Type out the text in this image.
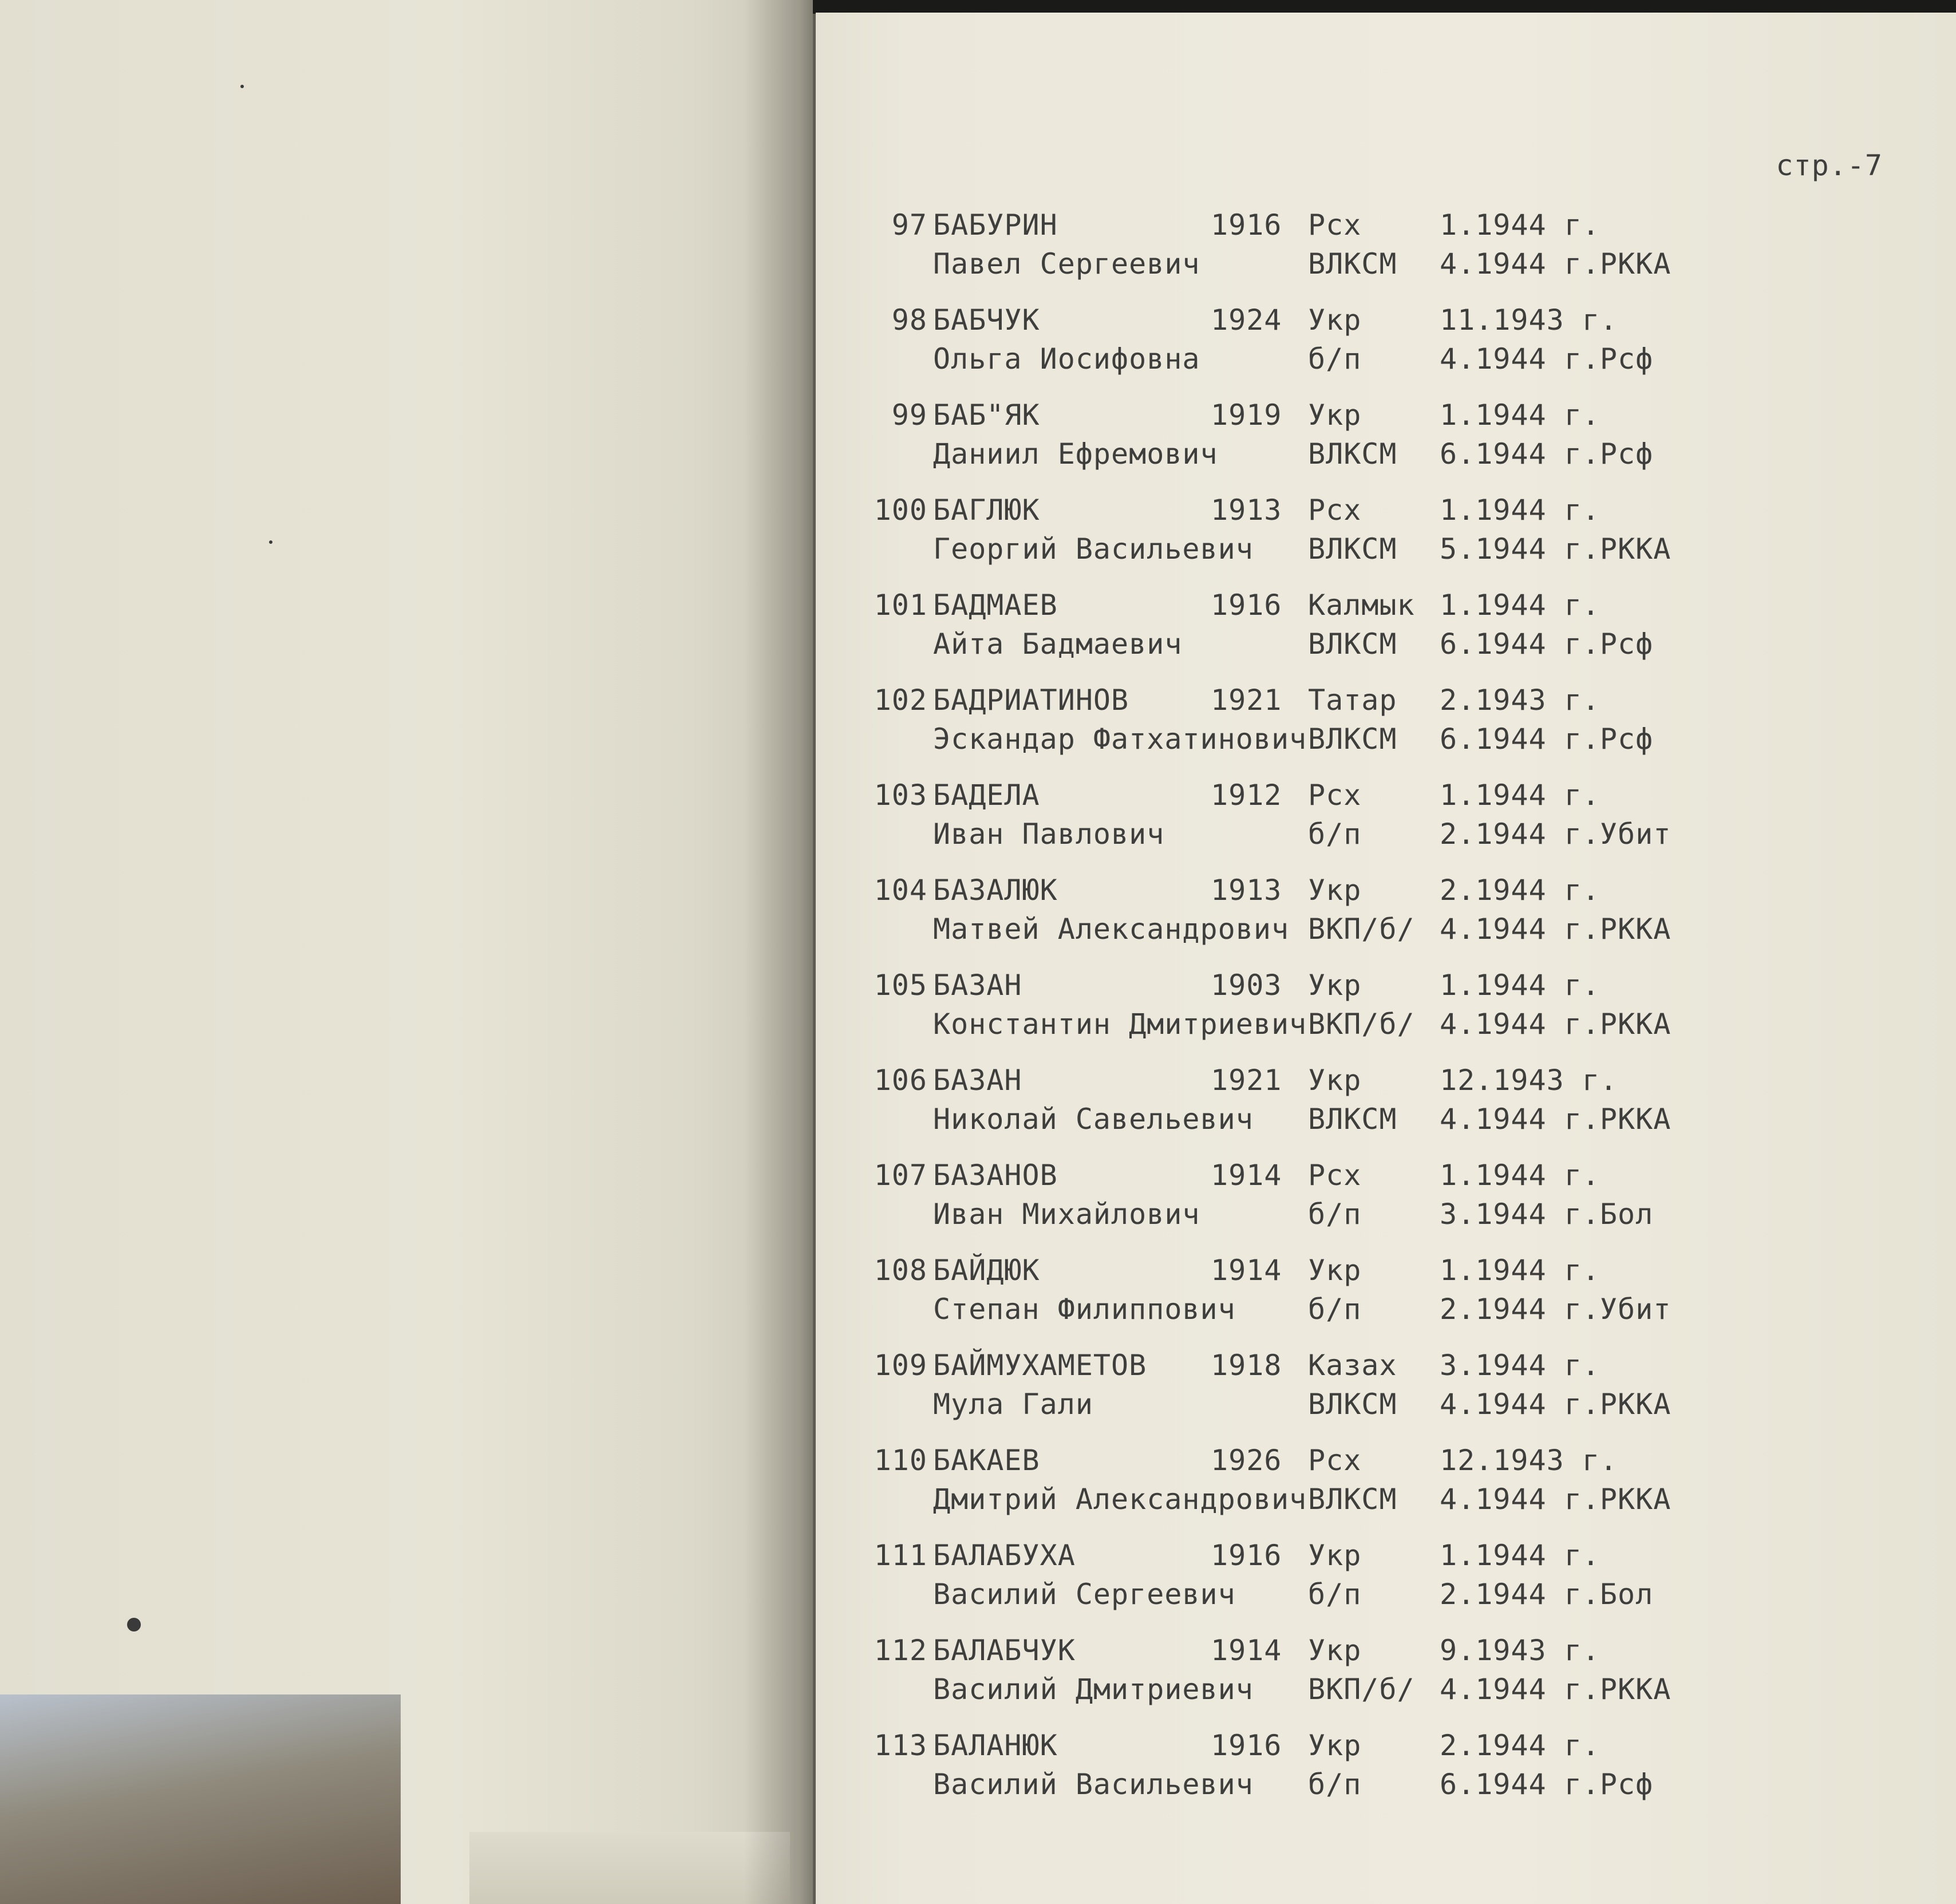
стр.-7
97 БАБУРИН	1916 Рсх	1.1944 г.
Павел Сергеевич	ВЛКСМ 4.1944 г.РККА
98 БАБЧУК	1924 Укр	11.1943 г.
Ольга Иосифовна	б/п	4.1944 г.Рсф
99 БАБ"ЯК	1919 Укр	1.1944 г.
Даниил Ефремович	ВЛКСМ 6.1944 г.Рсф
100 БАГЛЮК	1913 Рсх	1.1944 г.
Георгий Васильевич ВЛКСМ 5.1944 г.РККА
101 БАДМАЕВ	1916 Калмык 1.1944 г.
Айта Бадмаевич	ВЛКСМ 6.1944 г.Рсф
102 БАДРИАТИНОВ	1921 Татар 2.1943 г.
Эскандар Фатхатинович ВЛКСМ 6.1944 г.Рсф
103 БАДЕЛА	1912 Рсх	1.1944 г.
Иван Павлович	б/п	2.1944 г.Убит
104 БАЗАЛЮК	1913 Укр	2.1944 г.
Матвей Александрович ВКП/б/ 4.1944 г.РККА
105 БАЗАН	1903 Укр	1.1944 г.
Константин Дмитриевич ВКП/б/ 4.1944 г.РККА
106 БАЗАН	1921 Укр	12.1943 г.
Николай Савельевич ВЛКСМ 4.1944 г.РККА
107 БАЗАНОВ	1914 Рсх	1.1944 г.
Иван Михайлович	б/п	3.1944 г.Бол
108 БАЙДЮК	1914 Укр	1.1944 г.
Степан Филиппович	б/п	2.1944 г.Убит
109 БАЙМУХАМЕТОВ 1918 Казах 3.1944 г.
Мула Гали	ВЛКСМ 4.1944 г.РККА
110 БАКАЕВ	1926 Рсх	12.1943 г.
Дмитрий Александрович ВЛКСМ 4.1944 г.РККА
111 БАЛАБУХА	1916 Укр	1.1944 г.
Василий Сергеевич	б/п	2.1944 г.Бол
112 БАЛАБЧУК	1914 Укр	9.1943 г.
Василий Дмитриевич ВКП/б/ 4.1944 г.РККА
113 БАЛАНЮК	1916 Укр	2.1944 г.
Василий Васильевич б/п	6.1944 г.Рсф
